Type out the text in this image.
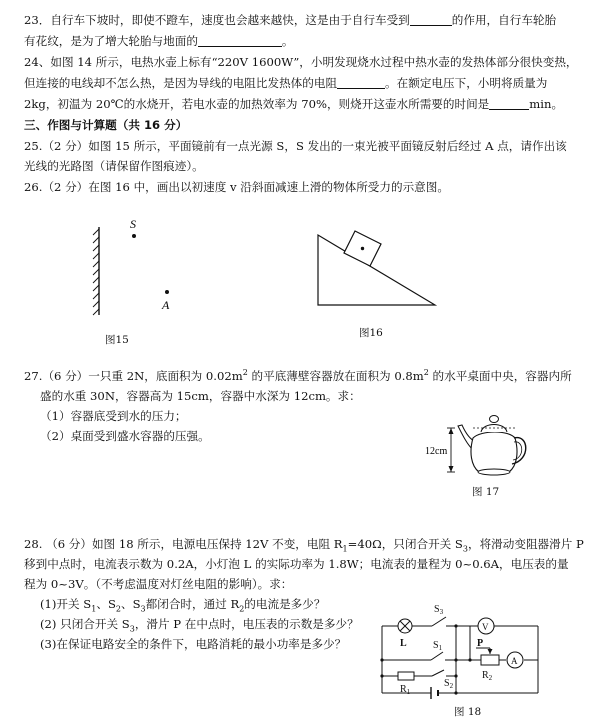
23．自行车下坡时，即使不蹬车，速度也会越来越快，这是由于自行车受到	的作用，自行车轮胎
有花纹，是为了增大轮胎与地面的	。
24、如图 14 所示，电热水壶上标有“220V 1600W”，小明发现烧水过程中热水壶的发热体部分很快变热，
但连接的电线却不怎么热，是因为导线的电阻比发热体的电阻	。在额定电压下，小明将质量为
2kg，初温为 20℃的水烧开，若电水壶的加热效率为 70%，则烧开这壶水所需要的时间是	min。
三、作图与计算题（共 16 分）
25.（2 分）如图 15 所示，平面镜前有一点光源 S，S 发出的一束光被平面镜反射后经过 A 点，请作出该
光线的光路图（请保留作图痕迹）。
26.（2 分）在图 16 中，画出以初速度 v 沿斜面减速上滑的物体所受力的示意图。
S
A
图15
图16
27.（6 分）一只重 2N，底面积为 $0.02m^2$ 的平底薄壁容器放在面积为 $0.8m^2$ 的水平桌面中央，容器内所
盛的水重 30N，容器高为 15cm，容器中水深为 12cm。求：
（1）容器底受到水的压力；
（2）桌面受到盛水容器的压强。
12cm
图 17
28. （6 分）如图 18 所示，电源电压保持 12V 不变，电阻 $R_1=40\Omega$，只闭合开关 $S_3$，将滑动变阻器滑片 P
移到中点时，电流表示数为 0.2A，小灯泡 L 的实际功率为 1.8W；电流表的量程为 0~0.6A，电压表的量
程为 0~3V。（不考虑温度对灯丝电阻的影响）。求：
(1)开关 $S_1$、$S_2$、$S_3$都闭合时，通过 $R_2$的电流是多少？
(2) 只闭合开关 $S_3$，滑片 P 在中点时，电压表的示数是多少？
(3)在保证电路安全的条件下，电路消耗的最小功率是多少？
$S_3$
L	$S_1$
V
A
P
$R_1$
$S_2$
$R_2$
图 18
